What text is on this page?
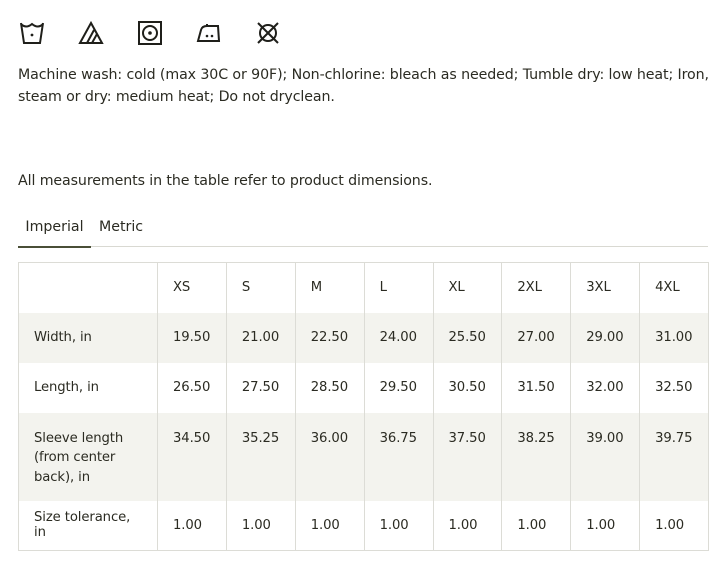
Machine wash: cold (max 30C or 90F); Non-chlorine: bleach as needed; Tumble dry: low heat; Iron, steam or dry: medium heat; Do not dryclean.
All measurements in the table refer to product dimensions.
Imperial	Metric
	XS	S	M	L	XL	2XL	3XL	4XL
Width, in	19.50	21.00	22.50	24.00	25.50	27.00	29.00	31.00
Length, in	26.50	27.50	28.50	29.50	30.50	31.50	32.00	32.50
Sleeve length (from center back), in	34.50	35.25	36.00	36.75	37.50	38.25	39.00	39.75
Size tolerance, in	1.00	1.00	1.00	1.00	1.00	1.00	1.00	1.00
